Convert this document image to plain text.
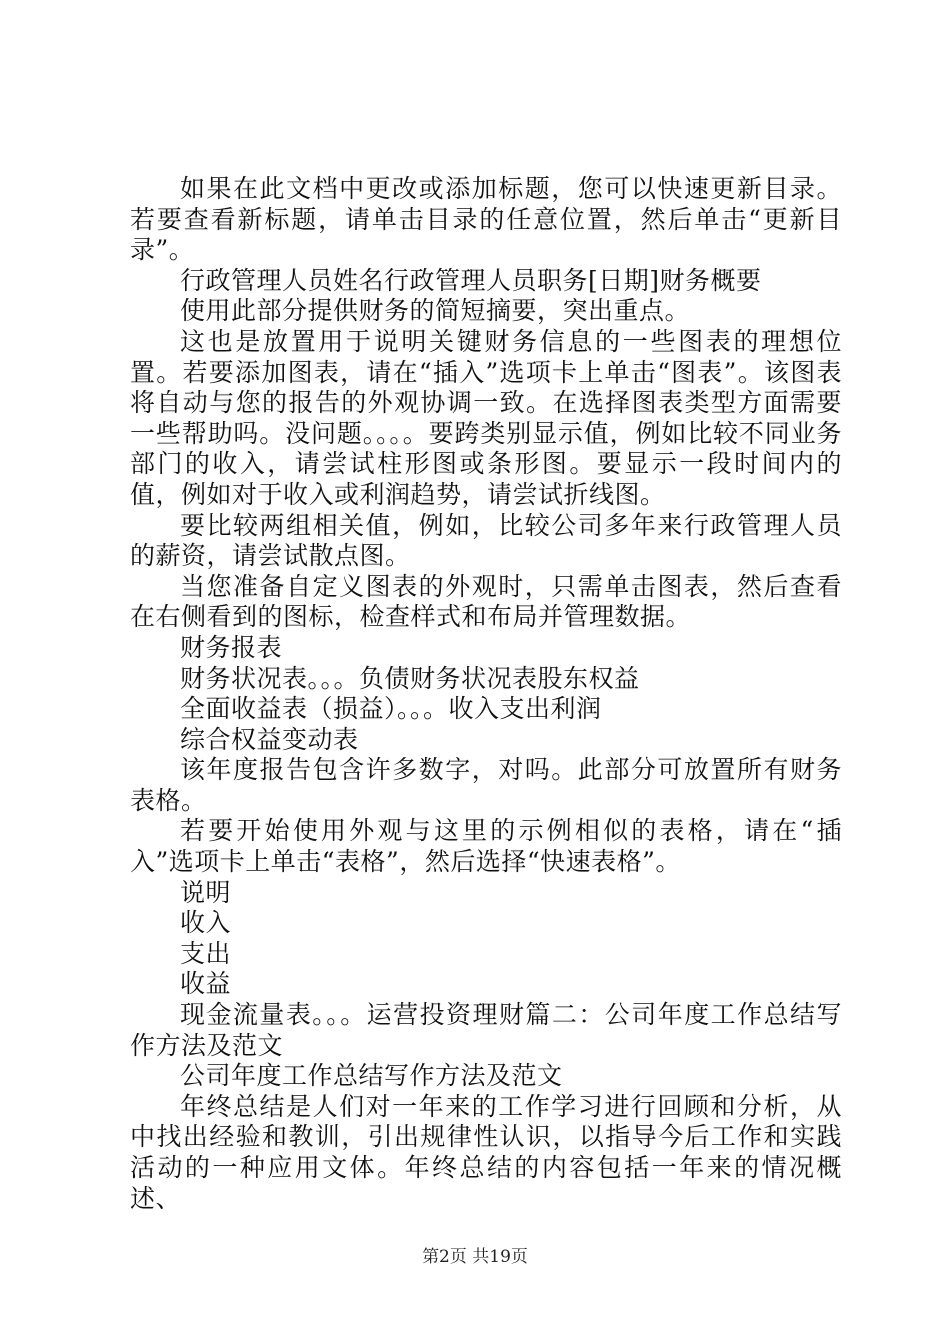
如果在此文档中更改或添加标题，您可以快速更新目录。若要查看新标题，请单击目录的任意位置，然后单击“更新目录”。

行政管理人员姓名行政管理人员职务[日期]财务概要

使用此部分提供财务的简短摘要，突出重点。

这也是放置用于说明关键财务信息的一些图表的理想位置。若要添加图表，请在“插入”选项卡上单击“图表”。该图表将自动与您的报告的外观协调一致。在选择图表类型方面需要一些帮助吗。没问题。。。。要跨类别显示值，例如比较不同业务部门的收入，请尝试柱形图或条形图。要显示一段时间内的值，例如对于收入或利润趋势，请尝试折线图。

要比较两组相关值，例如，比较公司多年来行政管理人员的薪资，请尝试散点图。

当您准备自定义图表的外观时，只需单击图表，然后查看在右侧看到的图标，检查样式和布局并管理数据。

财务报表

财务状况表。。。负债财务状况表股东权益

全面收益表（损益）。。。收入支出利润

综合权益变动表

该年度报告包含许多数字，对吗。此部分可放置所有财务表格。

若要开始使用外观与这里的示例相似的表格，请在“插入”选项卡上单击“表格”，然后选择“快速表格”。

说明

收入

支出

收益

现金流量表。。。运营投资理财篇二：公司年度工作总结写作方法及范文

公司年度工作总结写作方法及范文

年终总结是人们对一年来的工作学习进行回顾和分析，从中找出经验和教训，引出规律性认识，以指导今后工作和实践活动的一种应用文体。年终总结的内容包括一年来的情况概述、

第2页 共19页
